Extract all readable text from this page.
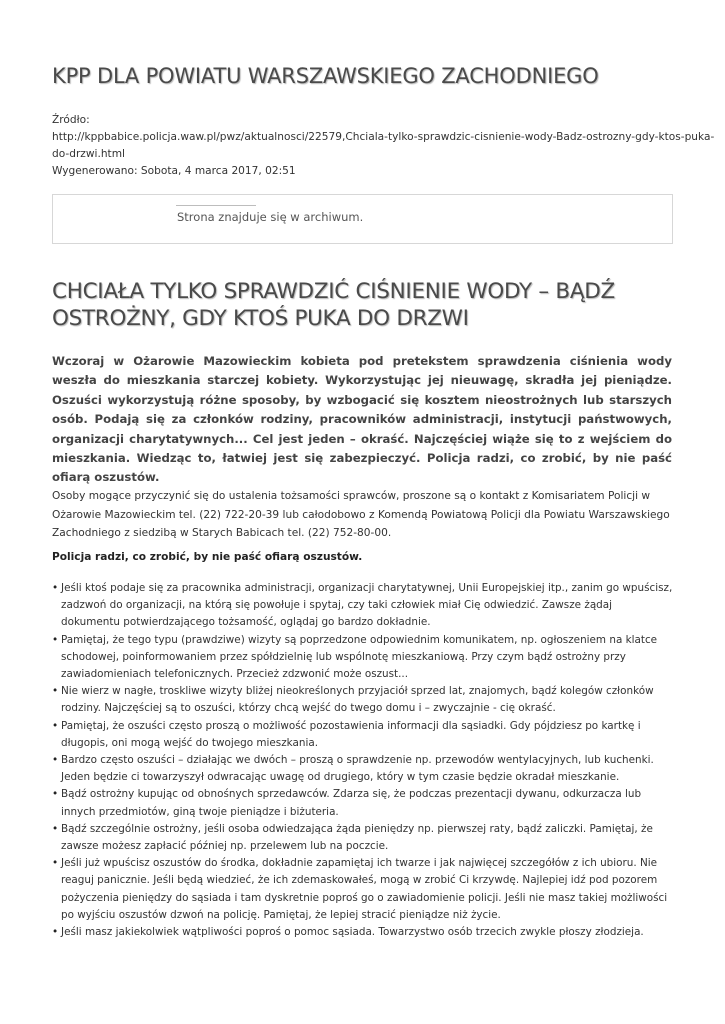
KPP DLA POWIATU WARSZAWSKIEGO ZACHODNIEGO
Źródło:
http://kppbabice.policja.waw.pl/pwz/aktualnosci/22579,Chciala-tylko-sprawdzic-cisnienie-wody-Badz-ostrozny-gdy-ktos-puka-
do-drzwi.html
Wygenerowano: Sobota, 4 marca 2017, 02:51
Strona znajduje się w archiwum.
CHCIAŁA TYLKO SPRAWDZIĆ CIŚNIENIE WODY – BĄDŹ OSTROŻNY, GDY KTOŚ PUKA DO DRZWI

Wczoraj w Ożarowie Mazowieckim kobieta pod pretekstem sprawdzenia ciśnienia wody weszła do mieszkania starczej kobiety. Wykorzystując jej nieuwagę, skradła jej pieniądze. Oszuści wykorzystują różne sposoby, by wzbogacić się kosztem nieostrożnych lub starszych osób. Podają się za członków rodziny, pracowników administracji, instytucji państwowych, organizacji charytatywnych... Cel jest jeden – okraść. Najczęściej wiąże się to z wejściem do mieszkania. Wiedząc to, łatwiej jest się zabezpieczyć. Policja radzi, co zrobić, by nie paść ofiarą oszustów.

Osoby mogące przyczynić się do ustalenia tożsamości sprawców, proszone są o kontakt z Komisariatem Policji w Ożarowie Mazowieckim tel. (22) 722-20-39 lub całodobowo z Komendą Powiatową Policji dla Powiatu Warszawskiego Zachodniego z siedzibą w Starych Babicach tel. (22) 752-80-00.

Policja radzi, co zrobić, by nie paść ofiarą oszustów.

• Jeśli ktoś podaje się za pracownika administracji, organizacji charytatywnej, Unii Europejskiej itp., zanim go wpuścisz, zadzwoń do organizacji, na którą się powołuje i spytaj, czy taki człowiek miał Cię odwiedzić. Zawsze żądaj dokumentu potwierdzającego tożsamość, oglądaj go bardzo dokładnie.
• Pamiętaj, że tego typu (prawdziwe) wizyty są poprzedzone odpowiednim komunikatem, np. ogłoszeniem na klatce schodowej, poinformowaniem przez spółdzielnię lub wspólnotę mieszkaniową. Przy czym bądź ostrożny przy zawiadomieniach telefonicznych. Przecież zdzwonić może oszust...
• Nie wierz w nagłe, troskliwe wizyty bliżej nieokreślonych przyjaciół sprzed lat, znajomych, bądź kolegów członków rodziny. Najczęściej są to oszuści, którzy chcą wejść do twego domu i – zwyczajnie - cię okraść.
• Pamiętaj, że oszuści często proszą o możliwość pozostawienia informacji dla sąsiadki. Gdy pójdziesz po kartkę i długopis, oni mogą wejść do twojego mieszkania.
• Bardzo często oszuści – działając we dwóch – proszą o sprawdzenie np. przewodów wentylacyjnych, lub kuchenki. Jeden będzie ci towarzyszył odwracając uwagę od drugiego, który w tym czasie będzie okradał mieszkanie.
• Bądź ostrożny kupując od obnośnych sprzedawców. Zdarza się, że podczas prezentacji dywanu, odkurzacza lub innych przedmiotów, giną twoje pieniądze i biżuteria.
• Bądź szczególnie ostrożny, jeśli osoba odwiedzająca żąda pieniędzy np. pierwszej raty, bądź zaliczki. Pamiętaj, że zawsze możesz zapłacić później np. przelewem lub na poczcie.
• Jeśli już wpuścisz oszustów do środka, dokładnie zapamiętaj ich twarze i jak najwięcej szczegółów z ich ubioru. Nie reaguj panicznie. Jeśli będą wiedzieć, że ich zdemaskowałeś, mogą w zrobić Ci krzywdę. Najlepiej idź pod pozorem pożyczenia pieniędzy do sąsiada i tam dyskretnie poproś go o zawiadomienie policji. Jeśli nie masz takiej możliwości po wyjściu oszustów dzwoń na policję. Pamiętaj, że lepiej stracić pieniądze niż życie.
• Jeśli masz jakiekolwiek wątpliwości poproś o pomoc sąsiada. Towarzystwo osób trzecich zwykle płoszy złodzieja.
